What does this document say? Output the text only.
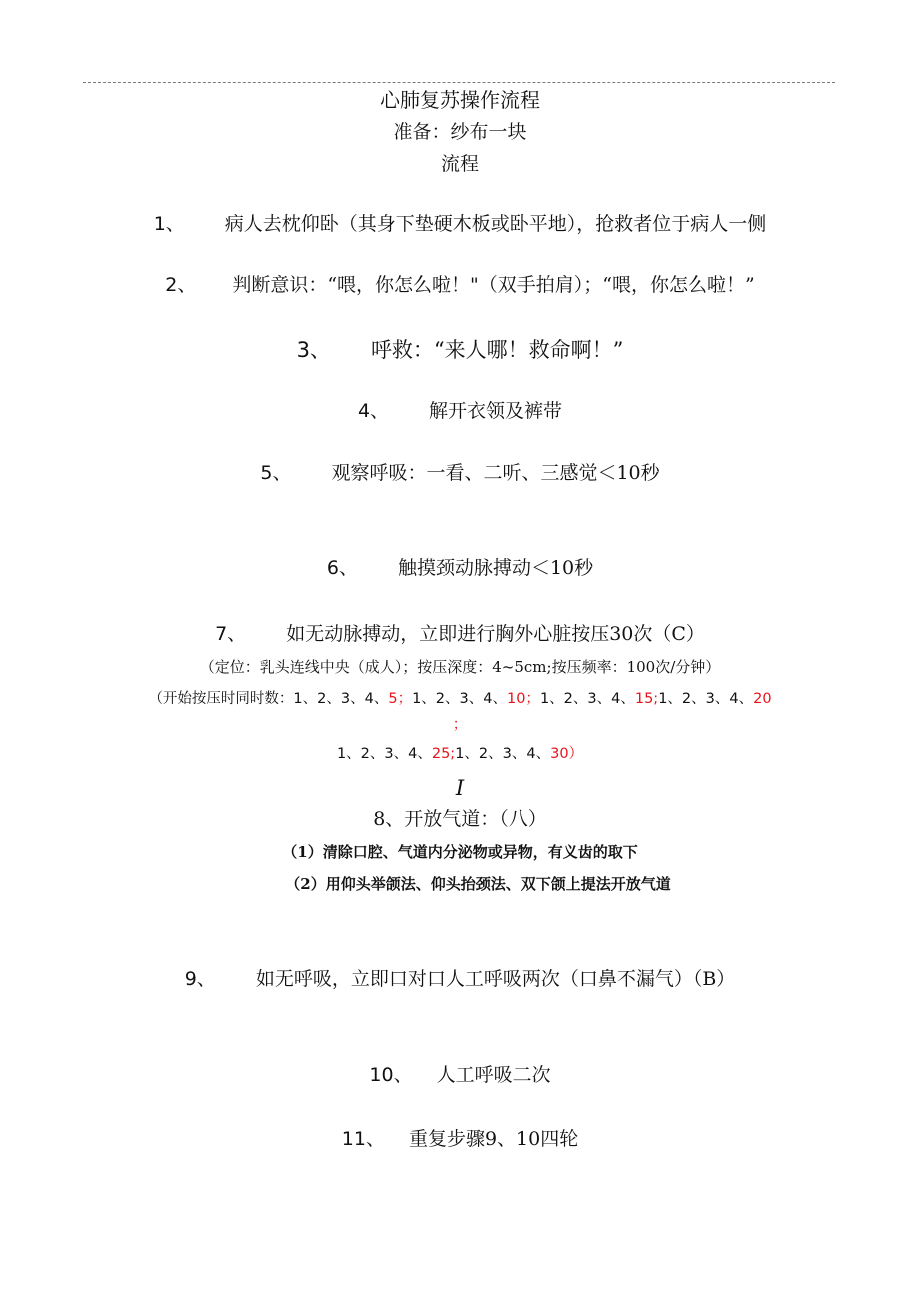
心肺复苏操作流程
准备：纱布一块
流程
1、 病人去枕仰卧（其身下垫硬木板或卧平地），抢救者位于病人一侧
2、 判断意识：“喂，你怎么啦！"（双手拍肩）；“喂，你怎么啦！”
3、 呼救：“来人哪！救命啊！”
4、 解开衣领及裤带
5、 观察呼吸：一看、二听、三感觉＜10秒
6、 触摸颈动脉搏动＜10秒
7、 如无动脉搏动，立即进行胸外心脏按压30次（C）
（定位：乳头连线中央（成人）；按压深度：4~5cm;按压频率：100次/分钟）
（开始按压时同时数：1、2、3、4、5；1、2、3、4、10；1、2、3、4、15;1、2、3、4、20
；
1、2、3、4、25;1、2、3、4、30）
I
8、开放气道：（八）
（1）清除口腔、气道内分泌物或异物，有义齿的取下
（2）用仰头举颌法、仰头抬颈法、双下颌上提法开放气道
9、 如无呼吸，立即口对口人工呼吸两次（口鼻不漏气）（B）
10、 人工呼吸二次
11、 重复步骤9、10四轮
